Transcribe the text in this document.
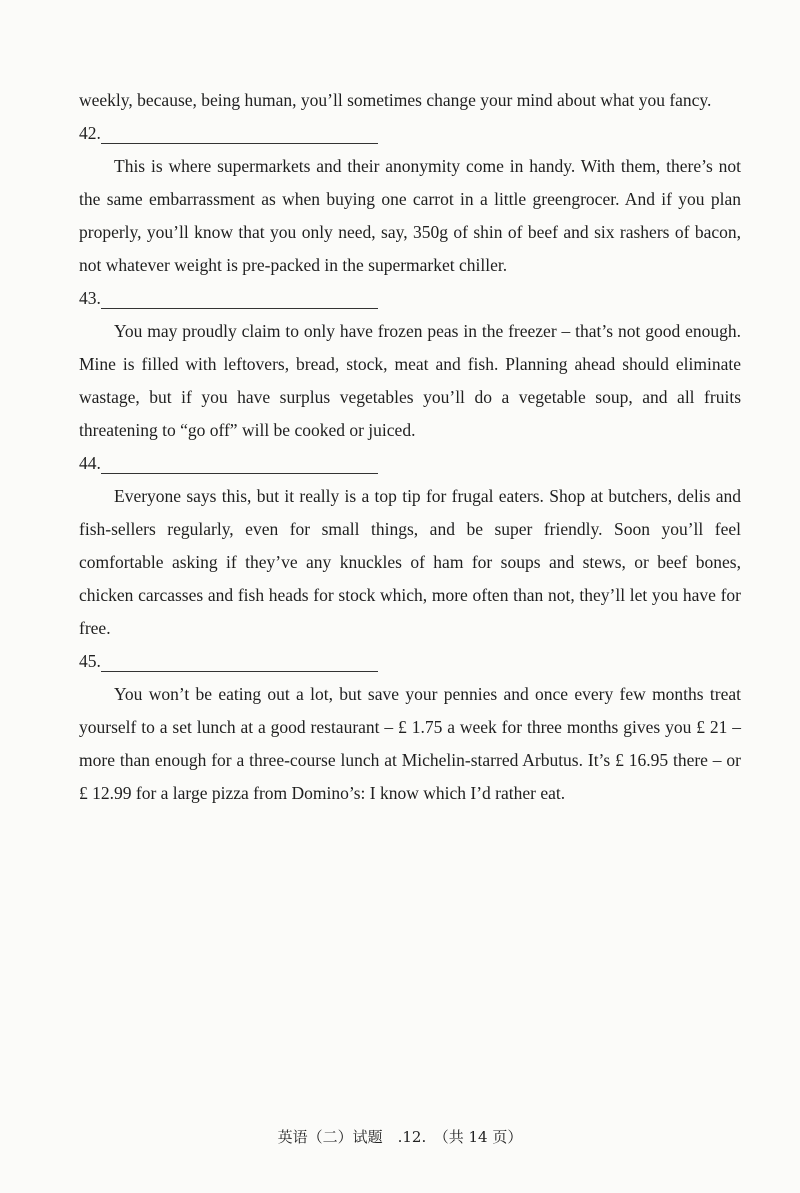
weekly, because, being human, you’ll sometimes change your mind about what you fancy.

42.

This is where supermarkets and their anonymity come in handy. With them, there’s not the same embarrassment as when buying one carrot in a little greengrocer. And if you plan properly, you’ll know that you only need, say, 350g of shin of beef and six rashers of bacon, not whatever weight is pre-packed in the supermarket chiller.

43.

You may proudly claim to only have frozen peas in the freezer – that’s not good enough. Mine is filled with leftovers, bread, stock, meat and fish. Planning ahead should eliminate wastage, but if you have surplus vegetables you’ll do a vegetable soup, and all fruits threatening to “go off” will be cooked or juiced.

44.

Everyone says this, but it really is a top tip for frugal eaters. Shop at butchers, delis and fish-sellers regularly, even for small things, and be super friendly. Soon you’ll feel comfortable asking if they’ve any knuckles of ham for soups and stews, or beef bones, chicken carcasses and fish heads for stock which, more often than not, they’ll let you have for free.

45.

You won’t be eating out a lot, but save your pennies and once every few months treat yourself to a set lunch at a good restaurant – £ 1.75 a week for three months gives you £ 21 – more than enough for a three-course lunch at Michelin-starred Arbutus. It’s £ 16.95 there – or £ 12.99 for a large pizza from Domino’s: I know which I’d rather eat.

英语（二）试题　.12.　（共 14 页）
